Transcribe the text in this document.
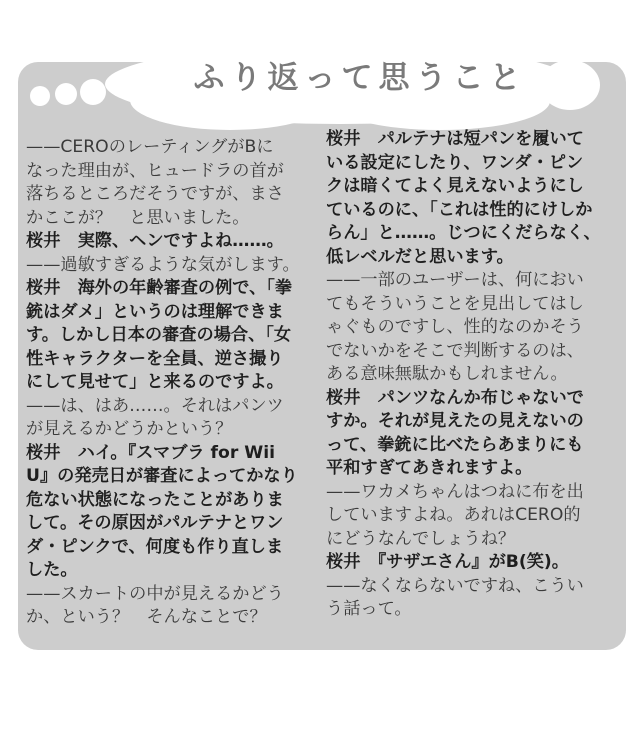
ふり返って思うこと
——CEROのレーティングがBに
なった理由が、ヒュードラの首が
落ちるところだそうですが、まさ
かここが？　と思いました。
桜井　実際、ヘンですよね……。
——過敏すぎるような気がします。
桜井　海外の年齢審査の例で、「拳
銃はダメ」というのは理解できま
す。しかし日本の審査の場合、「女
性キャラクターを全員、逆さ撮り
にして見せて」と来るのですよ。
——は、はあ……。それはパンツ
が見えるかどうかという？
桜井　ハイ。『スマブラ for Wii
U』の発売日が審査によってかなり
危ない状態になったことがありま
して。その原因がパルテナとワン
ダ・ピンクで、何度も作り直しま
した。
——スカートの中が見えるかどう
か、という？　そんなことで？
桜井　パルテナは短パンを履いて
いる設定にしたり、ワンダ・ピン
クは暗くてよく見えないようにし
ているのに、「これは性的にけしか
らん」と……。じつにくだらなく、
低レベルだと思います。
——一部のユーザーは、何におい
てもそういうことを見出してはし
ゃぐものですし、性的なのかそう
でないかをそこで判断するのは、
ある意味無駄かもしれません。
桜井　パンツなんか布じゃないで
すか。それが見えたの見えないの
って、拳銃に比べたらあまりにも
平和すぎてあきれますよ。
——ワカメちゃんはつねに布を出
していますよね。あれはCERO的
にどうなんでしょうね？
桜井　『サザエさん』がB(笑)。
——なくならないですね、こうい
う話って。
